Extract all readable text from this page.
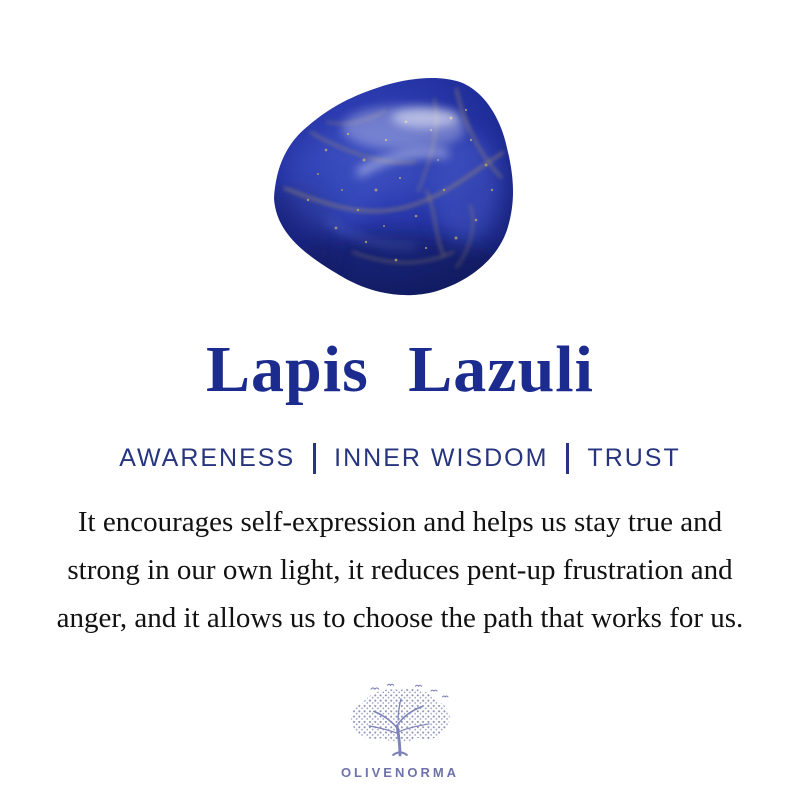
Lapis Lazuli
AWARENESS INNER WISDOM TRUST
It encourages self-expression and helps us stay true and
strong in our own light, it reduces pent-up frustration and
anger, and it allows us to choose the path that works for us.
OLIVENORMA
